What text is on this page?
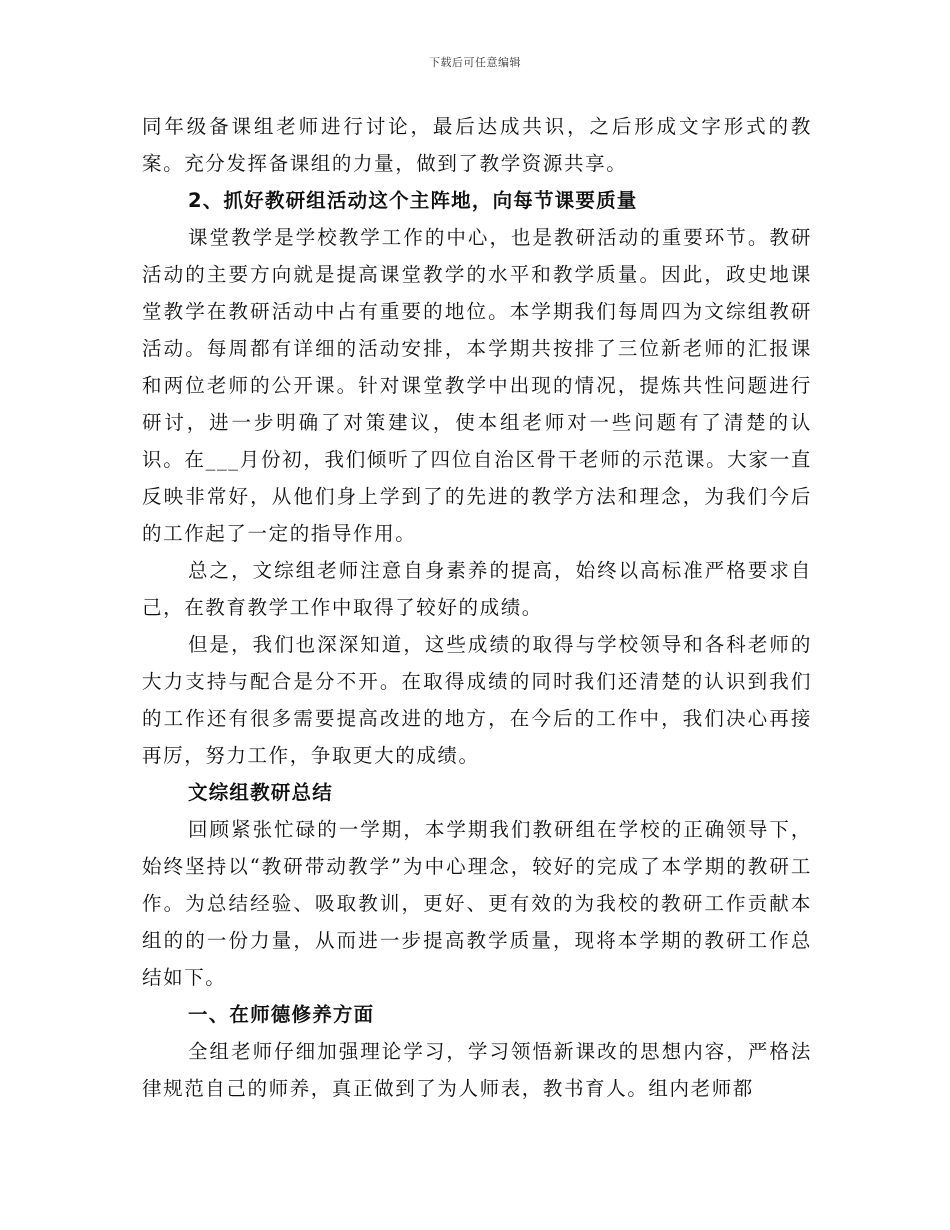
下载后可任意编辑

同年级备课组老师进行讨论，最后达成共识，之后形成文字形式的教案。充分发挥备课组的力量，做到了教学资源共享。

2、抓好教研组活动这个主阵地，向每节课要质量

课堂教学是学校教学工作的中心，也是教研活动的重要环节。教研活动的主要方向就是提高课堂教学的水平和教学质量。因此，政史地课堂教学在教研活动中占有重要的地位。本学期我们每周四为文综组教研活动。每周都有详细的活动安排，本学期共按排了三位新老师的汇报课和两位老师的公开课。针对课堂教学中出现的情况，提炼共性问题进行研讨，进一步明确了对策建议，使本组老师对一些问题有了清楚的认识。在___月份初，我们倾听了四位自治区骨干老师的示范课。大家一直反映非常好，从他们身上学到了的先进的教学方法和理念，为我们今后的工作起了一定的指导作用。

总之，文综组老师注意自身素养的提高，始终以高标准严格要求自己，在教育教学工作中取得了较好的成绩。

但是，我们也深深知道，这些成绩的取得与学校领导和各科老师的大力支持与配合是分不开。在取得成绩的同时我们还清楚的认识到我们的工作还有很多需要提高改进的地方，在今后的工作中，我们决心再接再厉，努力工作，争取更大的成绩。

文综组教研总结

回顾紧张忙碌的一学期，本学期我们教研组在学校的正确领导下，始终坚持以“教研带动教学”为中心理念，较好的完成了本学期的教研工作。为总结经验、吸取教训，更好、更有效的为我校的教研工作贡献本组的的一份力量，从而进一步提高教学质量，现将本学期的教研工作总结如下。

一、在师德修养方面

全组老师仔细加强理论学习，学习领悟新课改的思想内容，严格法律规范自己的师养，真正做到了为人师表，教书育人。组内老师都
